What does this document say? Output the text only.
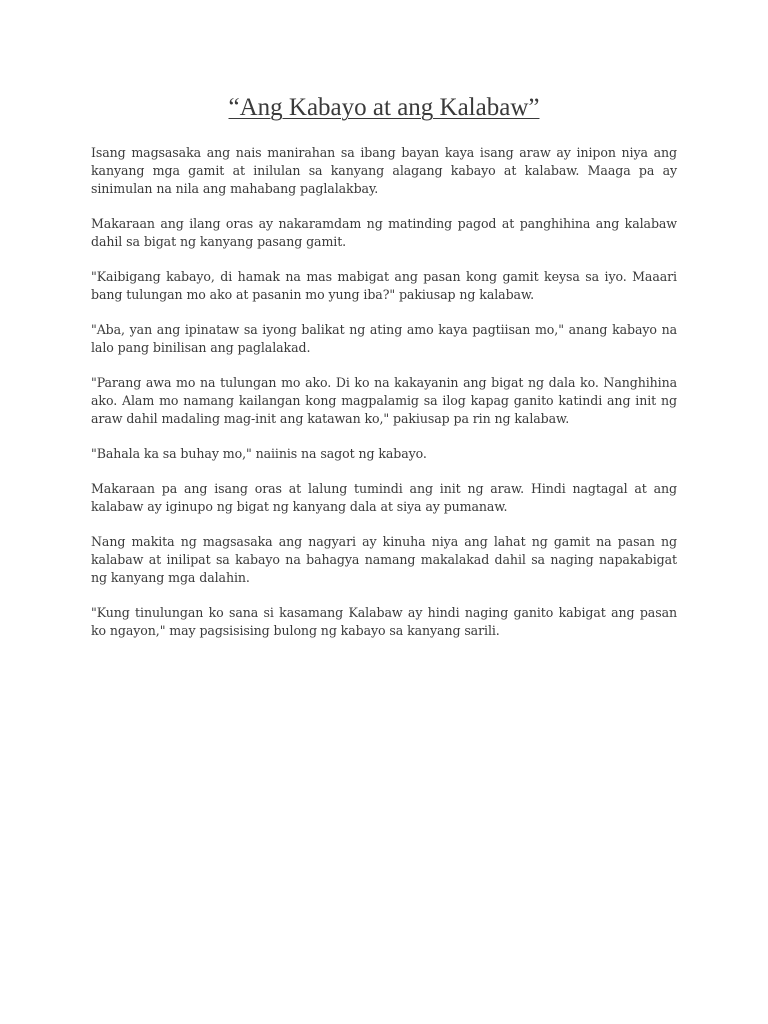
“Ang Kabayo at ang Kalabaw”

Isang magsasaka ang nais manirahan sa ibang bayan kaya isang araw ay inipon niya ang kanyang mga gamit at inilulan sa kanyang alagang kabayo at kalabaw. Maaga pa ay sinimulan na nila ang mahabang paglalakbay.

Makaraan ang ilang oras ay nakaramdam ng matinding pagod at panghihina ang kalabaw dahil sa bigat ng kanyang pasang gamit.

"Kaibigang kabayo, di hamak na mas mabigat ang pasan kong gamit keysa sa iyo. Maaari bang tulungan mo ako at pasanin mo yung iba?" pakiusap ng kalabaw.

"Aba, yan ang ipinataw sa iyong balikat ng ating amo kaya pagtiisan mo," anang kabayo na lalo pang binilisan ang paglalakad.

"Parang awa mo na tulungan mo ako. Di ko na kakayanin ang bigat ng dala ko. Nanghihina ako. Alam mo namang kailangan kong magpalamig sa ilog kapag ganito katindi ang init ng araw dahil madaling mag-init ang katawan ko," pakiusap pa rin ng kalabaw.

"Bahala ka sa buhay mo," naiinis na sagot ng kabayo.

Makaraan pa ang isang oras at lalung tumindi ang init ng araw. Hindi nagtagal at ang kalabaw ay iginupo ng bigat ng kanyang dala at siya ay pumanaw.

Nang makita ng magsasaka ang nagyari ay kinuha niya ang lahat ng gamit na pasan ng kalabaw at inilipat sa kabayo na bahagya namang makalakad dahil sa naging napakabigat ng kanyang mga dalahin.

"Kung tinulungan ko sana si kasamang Kalabaw ay hindi naging ganito kabigat ang pasan ko ngayon," may pagsisising bulong ng kabayo sa kanyang sarili.
